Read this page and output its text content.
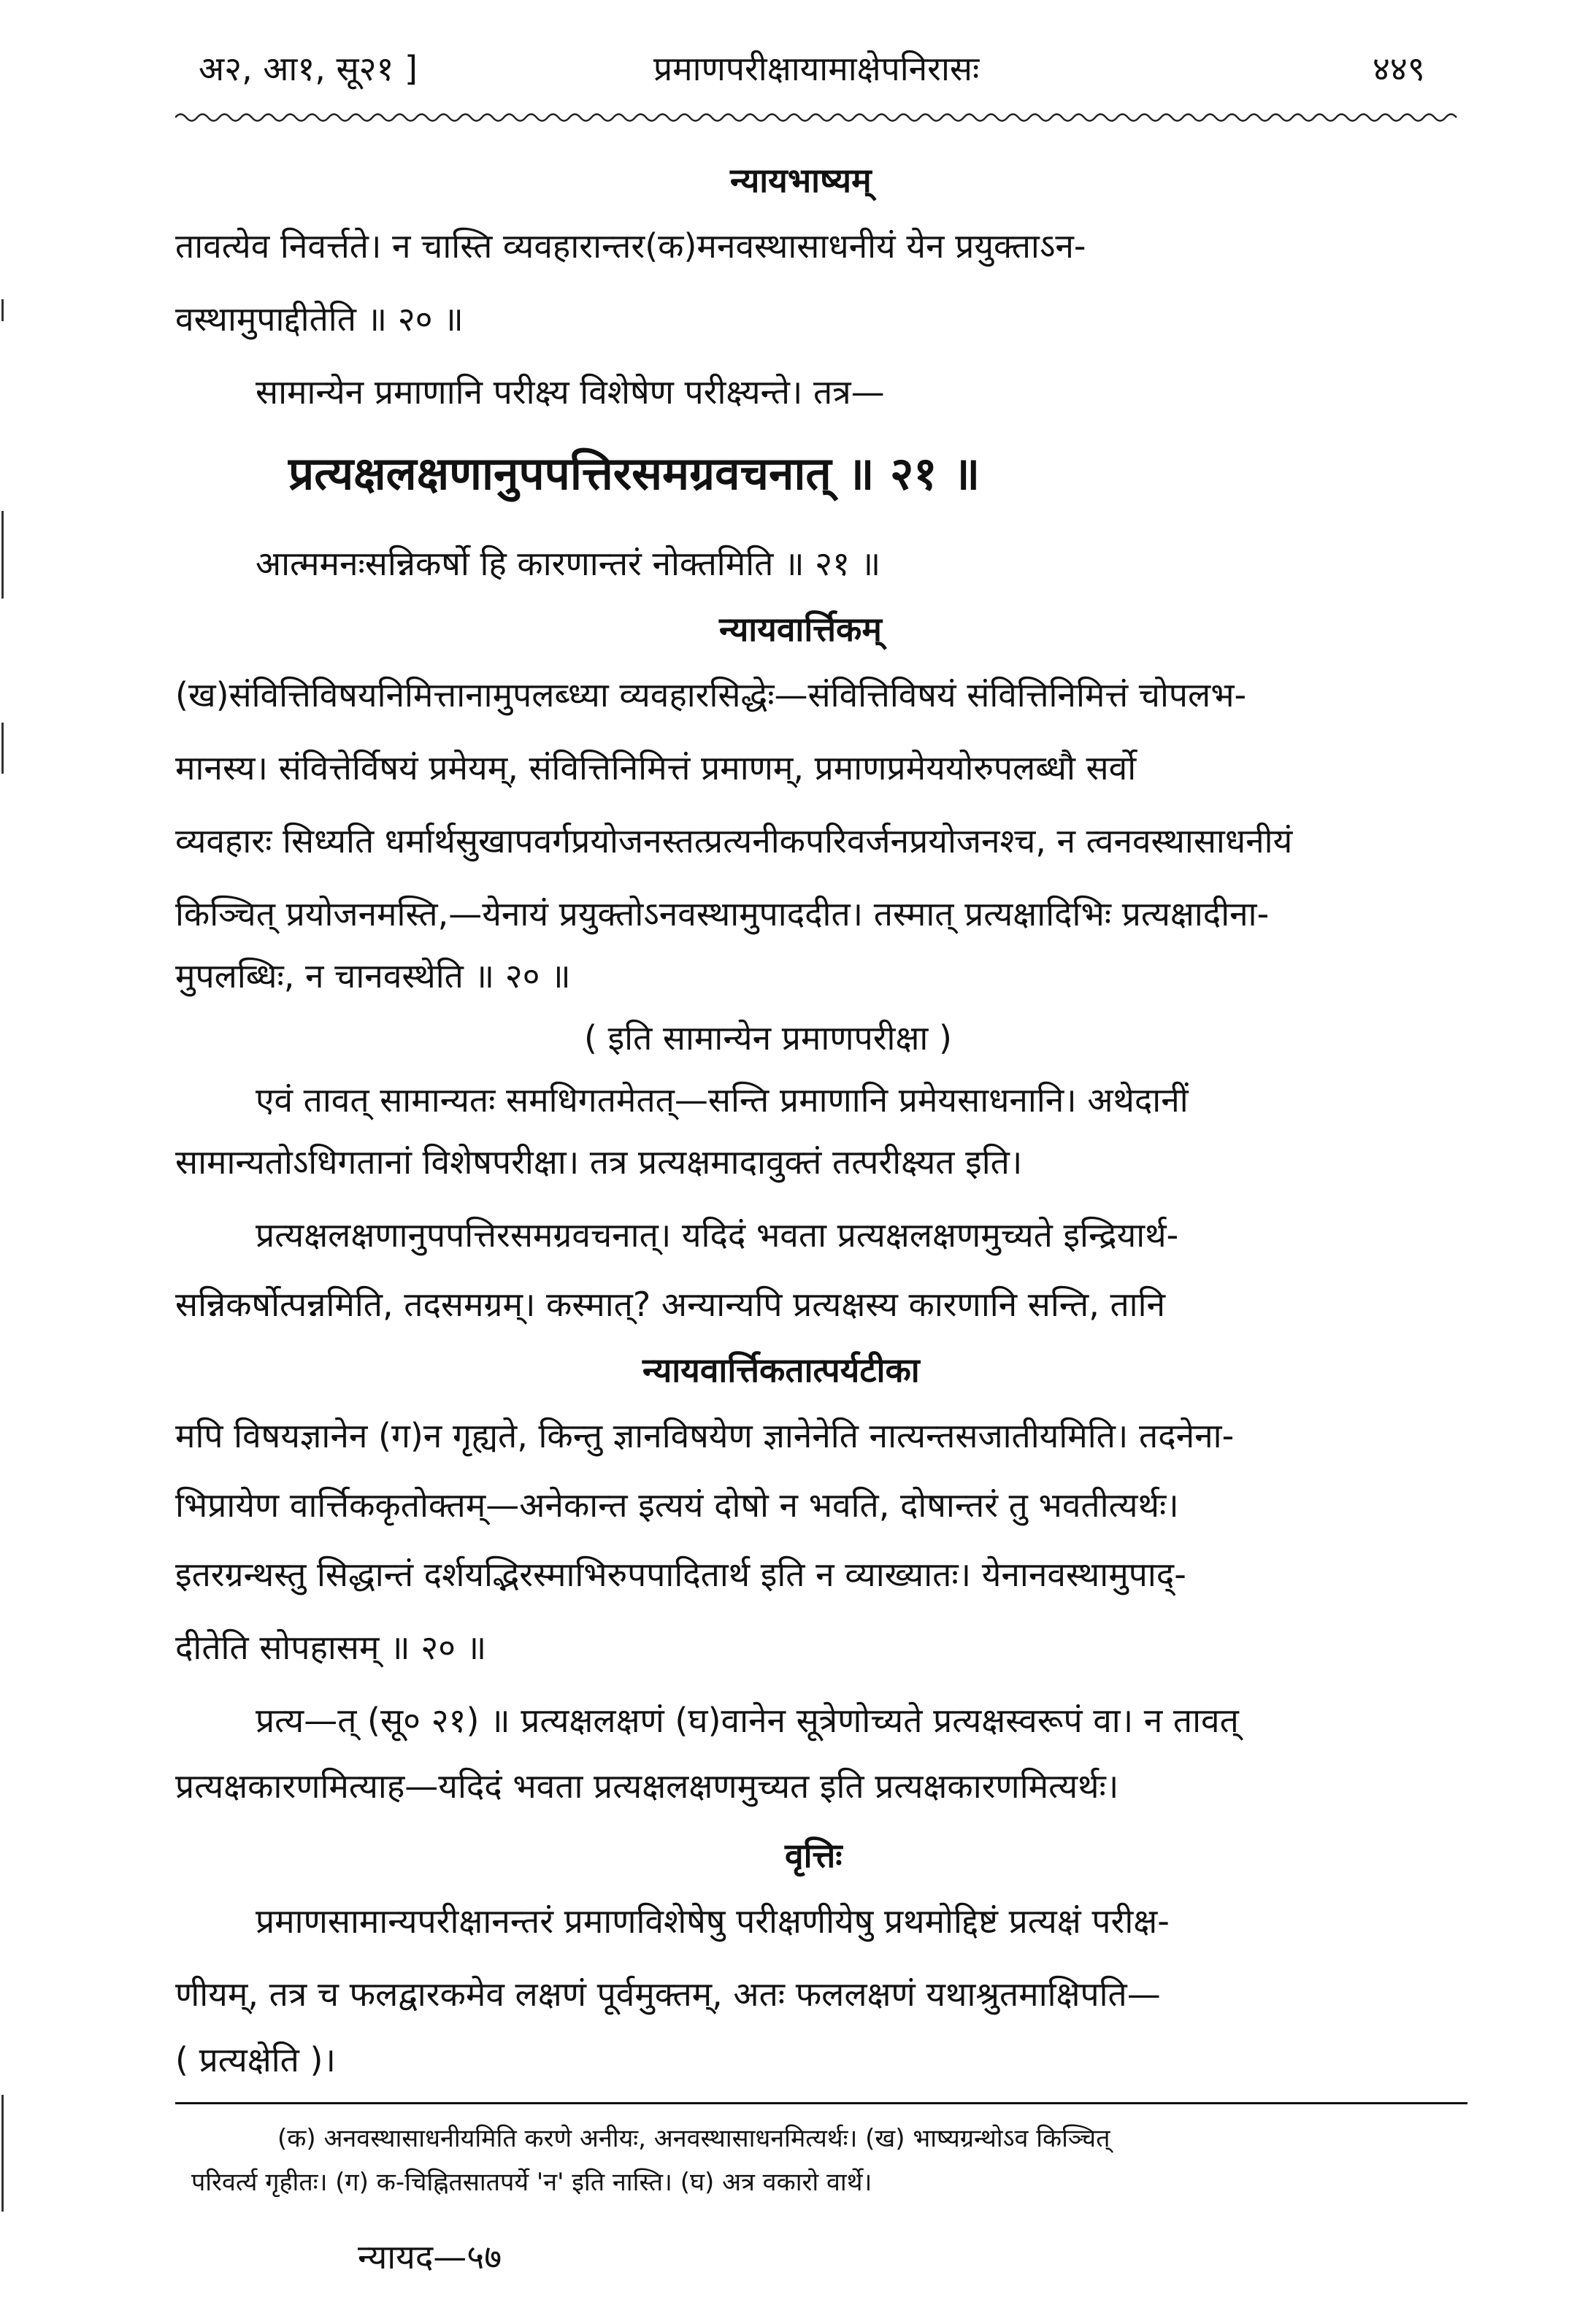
अ२, आ१, सू२१ ]	प्रमाणपरीक्षायामाक्षेपनिरासः	४४९
न्यायभाष्यम्
तावत्येव निवर्त्तते। न चास्ति व्यवहारान्तर(क)मनवस्थासाधनीयं येन प्रयुक्ताऽन-
वस्थामुपाद्दीतेति ॥ २० ॥
सामान्येन प्रमाणानि परीक्ष्य विशेषेण परीक्ष्यन्ते। तत्र—
प्रत्यक्षलक्षणानुपपत्तिरसमग्रवचनात् ॥ २१ ॥
आत्ममनःसन्निकर्षो हि कारणान्तरं नोक्तमिति ॥ २१ ॥
न्यायवार्त्तिकम्
(ख)संवित्तिविषयनिमित्तानामुपलब्ध्या व्यवहारसिद्धेः—संवित्तिविषयं संवित्तिनिमित्तं चोपलभ-
मानस्य। संवित्तेर्विषयं प्रमेयम्, संवित्तिनिमित्तं प्रमाणम्, प्रमाणप्रमेययोरुपलब्धौ सर्वो
व्यवहारः सिध्यति धर्मार्थसुखापवर्गप्रयोजनस्तत्प्रत्यनीकपरिवर्जनप्रयोजनश्च, न त्वनवस्थासाधनीयं
किञ्चित् प्रयोजनमस्ति,—येनायं प्रयुक्तोऽनवस्थामुपाददीत। तस्मात् प्रत्यक्षादिभिः प्रत्यक्षादीना-
मुपलब्धिः, न चानवस्थेति ॥ २० ॥
( इति सामान्येन प्रमाणपरीक्षा )
एवं तावत् सामान्यतः समधिगतमेतत्—सन्ति प्रमाणानि प्रमेयसाधनानि। अथेदानीं
सामान्यतोऽधिगतानां विशेषपरीक्षा। तत्र प्रत्यक्षमादावुक्तं तत्परीक्ष्यत इति।
प्रत्यक्षलक्षणानुपपत्तिरसमग्रवचनात्। यदिदं भवता प्रत्यक्षलक्षणमुच्यते इन्द्रियार्थ-
सन्निकर्षोत्पन्नमिति, तदसमग्रम्। कस्मात्? अन्यान्यपि प्रत्यक्षस्य कारणानि सन्ति, तानि
न्यायवार्त्तिकतात्पर्यटीका
मपि विषयज्ञानेन (ग)न गृह्यते, किन्तु ज्ञानविषयेण ज्ञानेनेति नात्यन्तसजातीयमिति। तदनेना-
भिप्रायेण वार्त्तिककृतोक्तम्—अनेकान्त इत्ययं दोषो न भवति, दोषान्तरं तु भवतीत्यर्थः।
इतरग्रन्थस्तु सिद्धान्तं दर्शयद्भिरस्माभिरुपपादितार्थ इति न व्याख्यातः। येनानवस्थामुपाद्-
दीतेति सोपहासम् ॥ २० ॥
प्रत्य—त् (सू० २१) ॥ प्रत्यक्षलक्षणं (घ)वानेन सूत्रेणोच्यते प्रत्यक्षस्वरूपं वा। न तावत्
प्रत्यक्षकारणमित्याह—यदिदं भवता प्रत्यक्षलक्षणमुच्यत इति प्रत्यक्षकारणमित्यर्थः।
वृत्तिः
प्रमाणसामान्यपरीक्षानन्तरं प्रमाणविशेषेषु परीक्षणीयेषु प्रथमोद्दिष्टं प्रत्यक्षं परीक्ष-
णीयम्, तत्र च फलद्वारकमेव लक्षणं पूर्वमुक्तम्, अतः फललक्षणं यथाश्रुतमाक्षिपति—
( प्रत्यक्षेति )।
(क) अनवस्थासाधनीयमिति करणे अनीयः, अनवस्थासाधनमित्यर्थः। (ख) भाष्यग्रन्थोऽव किञ्चित्
परिवर्त्य गृहीतः। (ग) क-चिह्नितसातपर्ये 'न' इति नास्ति। (घ) अत्र वकारो वार्थे।
न्यायद—५७
